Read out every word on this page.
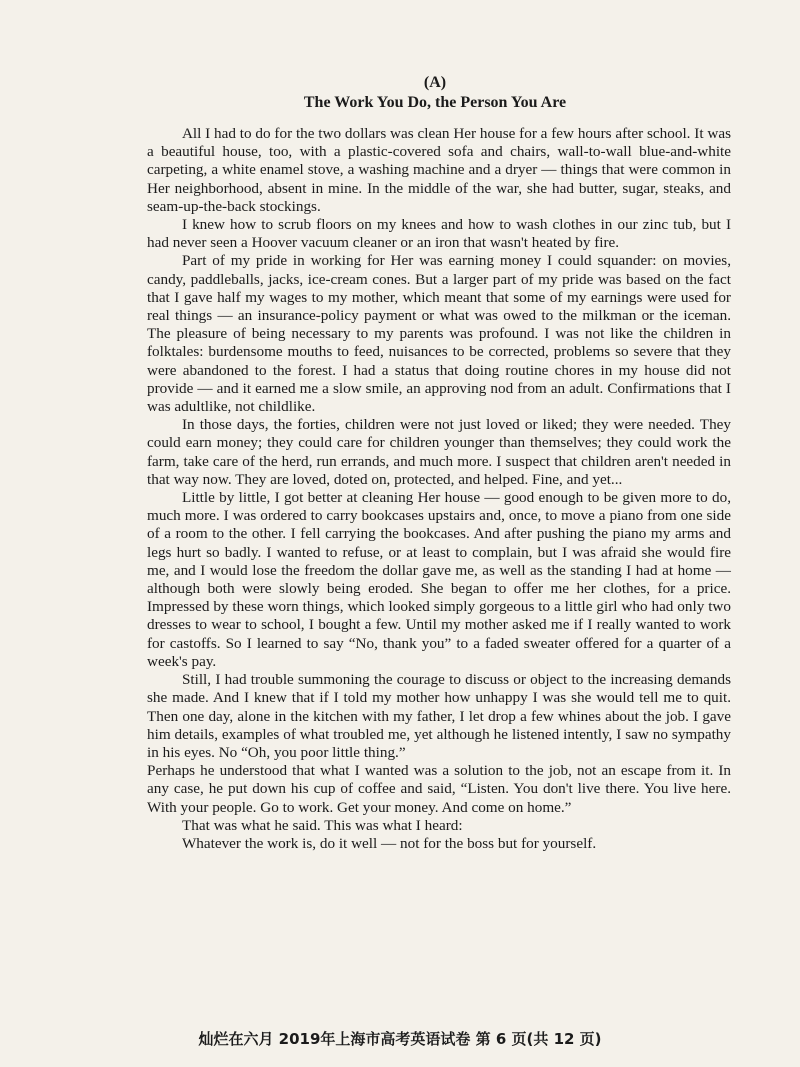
(A)
The Work You Do, the Person You Are

All I had to do for the two dollars was clean Her house for a few hours after school. It was a beautiful house, too, with a plastic-covered sofa and chairs, wall-to-wall blue-and-white carpeting, a white enamel stove, a washing machine and a dryer — things that were common in Her neighborhood, absent in mine. In the middle of the war, she had butter, sugar, steaks, and seam-up-the-back stockings.

I knew how to scrub floors on my knees and how to wash clothes in our zinc tub, but I had never seen a Hoover vacuum cleaner or an iron that wasn't heated by fire.

Part of my pride in working for Her was earning money I could squander: on movies, candy, paddleballs, jacks, ice-cream cones. But a larger part of my pride was based on the fact that I gave half my wages to my mother, which meant that some of my earnings were used for real things — an insurance-policy payment or what was owed to the milkman or the iceman. The pleasure of being necessary to my parents was profound. I was not like the children in folktales: burdensome mouths to feed, nuisances to be corrected, problems so severe that they were abandoned to the forest. I had a status that doing routine chores in my house did not provide — and it earned me a slow smile, an approving nod from an adult. Confirmations that I was adultlike, not childlike.

In those days, the forties, children were not just loved or liked; they were needed. They could earn money; they could care for children younger than themselves; they could work the farm, take care of the herd, run errands, and much more. I suspect that children aren't needed in that way now. They are loved, doted on, protected, and helped. Fine, and yet...

Little by little, I got better at cleaning Her house — good enough to be given more to do, much more. I was ordered to carry bookcases upstairs and, once, to move a piano from one side of a room to the other. I fell carrying the bookcases. And after pushing the piano my arms and legs hurt so badly. I wanted to refuse, or at least to complain, but I was afraid she would fire me, and I would lose the freedom the dollar gave me, as well as the standing I had at home — although both were slowly being eroded. She began to offer me her clothes, for a price. Impressed by these worn things, which looked simply gorgeous to a little girl who had only two dresses to wear to school, I bought a few. Until my mother asked me if I really wanted to work for castoffs. So I learned to say “No, thank you” to a faded sweater offered for a quarter of a week's pay.

Still, I had trouble summoning the courage to discuss or object to the increasing demands she made. And I knew that if I told my mother how unhappy I was she would tell me to quit. Then one day, alone in the kitchen with my father, I let drop a few whines about the job. I gave him details, examples of what troubled me, yet although he listened intently, I saw no sympathy in his eyes. No “Oh, you poor little thing.”

Perhaps he understood that what I wanted was a solution to the job, not an escape from it. In any case, he put down his cup of coffee and said, “Listen. You don't live there. You live here. With your people. Go to work. Get your money. And come on home.”

That was what he said. This was what I heard:

Whatever the work is, do it well — not for the boss but for yourself.

灿烂在六月 2019年上海市高考英语试卷 第 6 页(共 12 页)
